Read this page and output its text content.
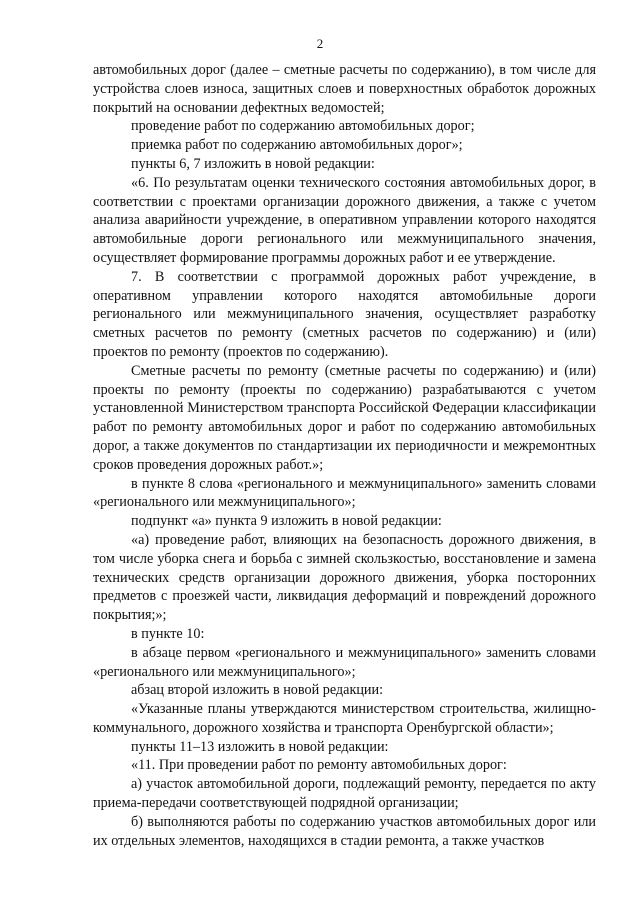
2

автомобильных дорог (далее – сметные расчеты по содержанию), в том числе для устройства слоев износа, защитных слоев и поверхностных обработок дорожных покрытий на основании дефектных ведомостей;

проведение работ по содержанию автомобильных дорог;

приемка работ по содержанию автомобильных дорог»;

пункты 6, 7 изложить в новой редакции:

«6. По результатам оценки технического состояния автомобильных дорог, в соответствии с проектами организации дорожного движения, а также с учетом анализа аварийности учреждение, в оперативном управлении которого находятся автомобильные дороги регионального или межмуниципального значения, осуществляет формирование программы дорожных работ и ее утверждение.

7. В соответствии с программой дорожных работ учреждение, в оперативном управлении которого находятся автомобильные дороги регионального или межмуниципального значения, осуществляет разработку сметных расчетов по ремонту (сметных расчетов по содержанию) и (или) проектов по ремонту (проектов по содержанию).

Сметные расчеты по ремонту (сметные расчеты по содержанию) и (или) проекты по ремонту (проекты по содержанию) разрабатываются с учетом установленной Министерством транспорта Российской Федерации классификации работ по ремонту автомобильных дорог и работ по содержанию автомобильных дорог, а также документов по стандартизации их периодичности и межремонтных сроков проведения дорожных работ.»;

в пункте 8 слова «регионального и межмуниципального» заменить словами «регионального или межмуниципального»;

подпункт «а» пункта 9 изложить в новой редакции:

«а) проведение работ, влияющих на безопасность дорожного движения, в том числе уборка снега и борьба с зимней скользкостью, восстановление и замена технических средств организации дорожного движения, уборка посторонних предметов с проезжей части, ликвидация деформаций и повреждений дорожного покрытия;»;

в пункте 10:

в абзаце первом «регионального и межмуниципального» заменить словами «регионального или межмуниципального»;

абзац второй изложить в новой редакции:

«Указанные планы утверждаются министерством строительства, жилищно-коммунального, дорожного хозяйства и транспорта Оренбургской области»;

пункты 11–13 изложить в новой редакции:

«11. При проведении работ по ремонту автомобильных дорог:

а) участок автомобильной дороги, подлежащий ремонту, передается по акту приема-передачи соответствующей подрядной организации;

б) выполняются работы по содержанию участков автомобильных дорог или их отдельных элементов, находящихся в стадии ремонта, а также участков
